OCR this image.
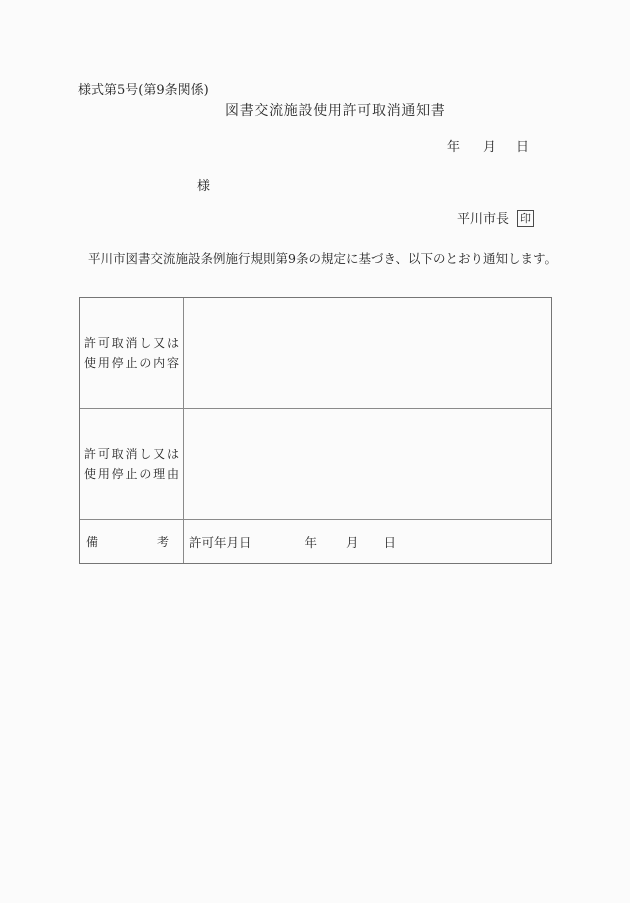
様式第5号(第9条関係)
図書交流施設使用許可取消通知書
年 月 日
様
平川市長 印
平川市図書交流施設条例施行規則第9条の規定に基づき、以下のとおり通知します。
許可取消し又は
使用停止の内容
許可取消し又は
使用停止の理由
備考 許可年月日	年 月 日
